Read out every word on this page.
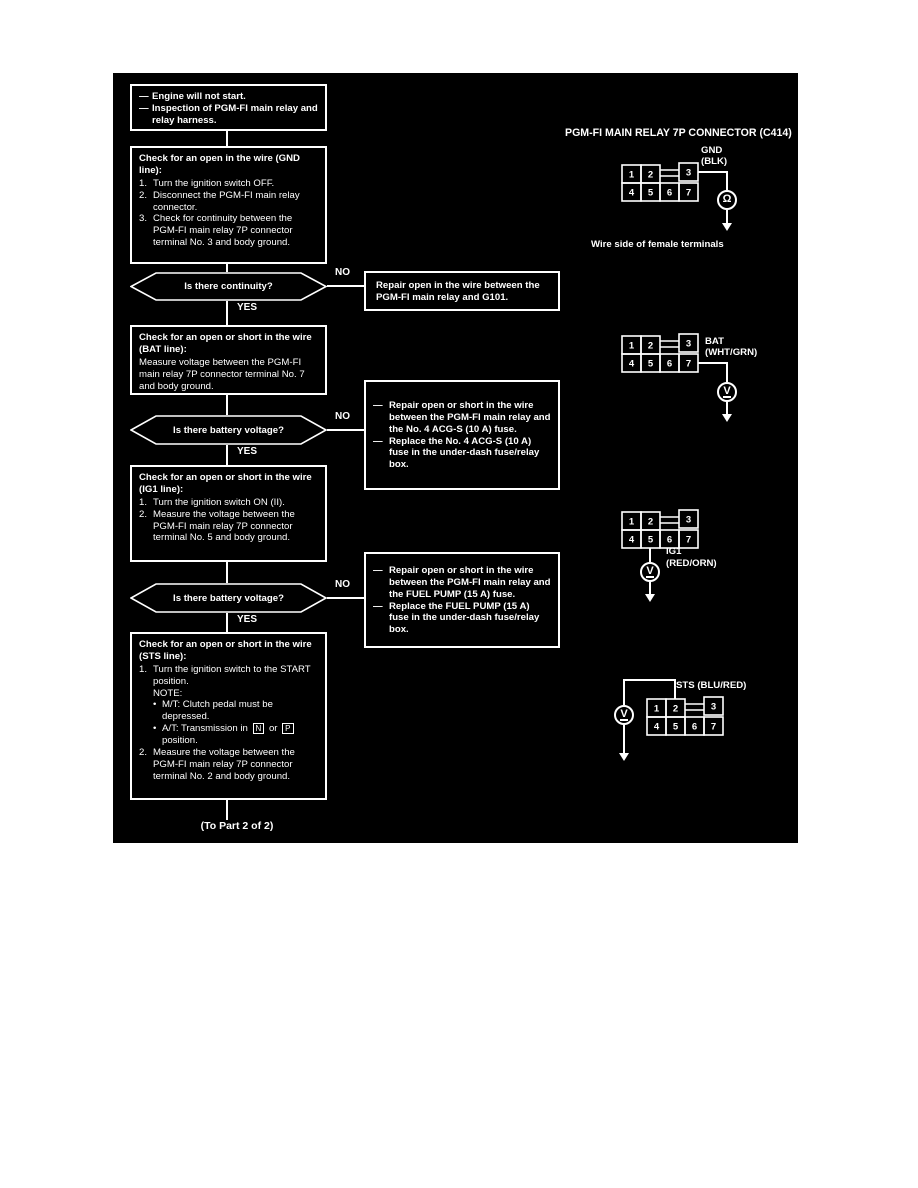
— Engine will not start.
— Inspection of PGM-FI main relay and relay harness.
Check for an open in the wire (GND line):
1. Turn the ignition switch OFF.
2. Disconnect the PGM-FI main relay connector.
3. Check for continuity between the PGM-FI main relay 7P connector terminal No. 3 and body ground.
Is there continuity?
NO
YES
Repair open in the wire between the PGM-FI main relay and G101.
Check for an open or short in the wire (BAT line):
Measure voltage between the PGM-FI main relay 7P connector terminal No. 7 and body ground.
Is there battery voltage?
NO
YES
— Repair open or short in the wire between the PGM-FI main relay and the No. 4 ACG-S (10 A) fuse.
— Replace the No. 4 ACG-S (10 A) fuse in the under-dash fuse/relay box.
Check for an open or short in the wire (IG1 line):
1. Turn the ignition switch ON (II).
2. Measure the voltage between the PGM-FI main relay 7P connector terminal No. 5 and body ground.
Is there battery voltage?
NO
YES
— Repair open or short in the wire between the PGM-FI main relay and the FUEL PUMP (15 A) fuse.
— Replace the FUEL PUMP (15 A) fuse in the under-dash fuse/relay box.
Check for an open or short in the wire (STS line):
1. Turn the ignition switch to the START position.
NOTE:
• M/T: Clutch pedal must be depressed.
• A/T: Transmission in N or P position.
2. Measure the voltage between the PGM-FI main relay 7P connector terminal No. 2 and body ground.
(To Part 2 of 2)
PGM-FI MAIN RELAY 7P CONNECTOR (C414)
GND
(BLK)
1 2	3
4 5 6 7	Ω
Wire side of female terminals
1 2	3
4 5 6 7
BAT
(WHT/GRN)
V
1 2	3
4 5 6 7
V
IG1
(RED/ORN)
STS (BLU/RED)
1 2	3
4 5 6 7
V
